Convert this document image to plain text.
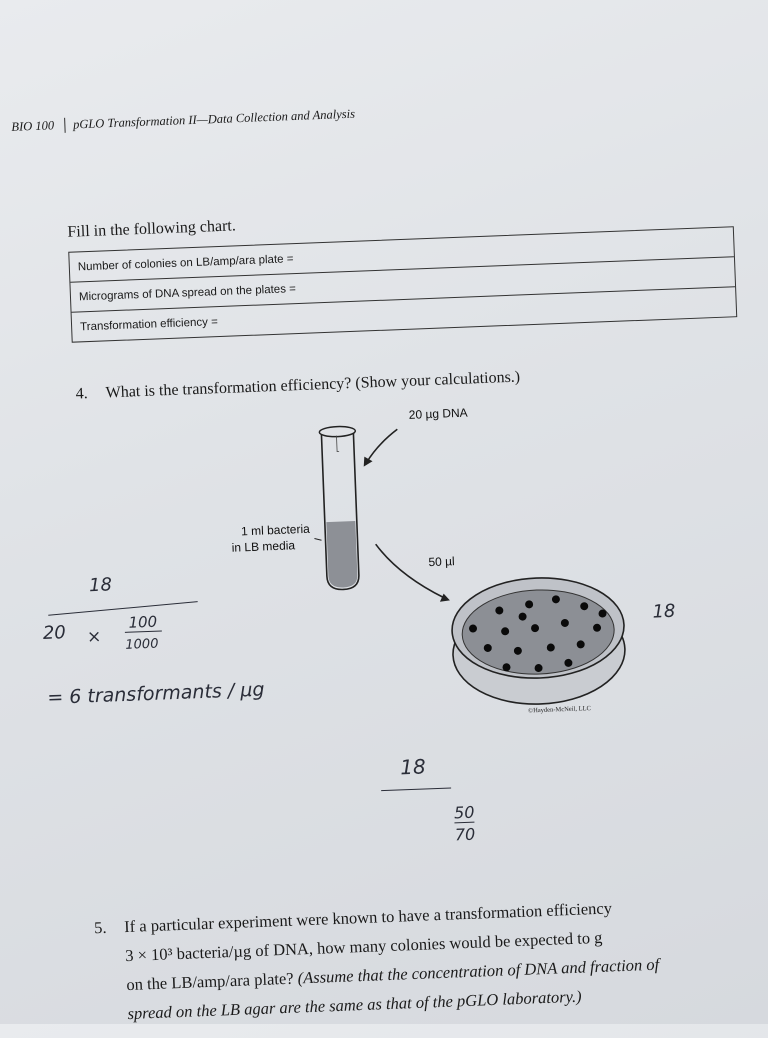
BIO 100 pGLO Transformation II—Data Collection and Analysis
Fill in the following chart.
Number of colonies on LB/amp/ara plate =
Micrograms of DNA spread on the plates =
Transformation efficiency =
4. What is the transformation efficiency? (Show your calculations.)
20 µg DNA
1 ml bacteria
in LB media
50 µl
©Hayden-McNeil, LLC
18
20 ×
100
1000
= 6 transformants / µg
18
18
50
70
5. If a particular experiment were known to have a transformation efficiency
3 × 10³ bacteria/µg of DNA, how many colonies would be expected to g
on the LB/amp/ara plate? (Assume that the concentration of DNA and fraction of
spread on the LB agar are the same as that of the pGLO laboratory.)
